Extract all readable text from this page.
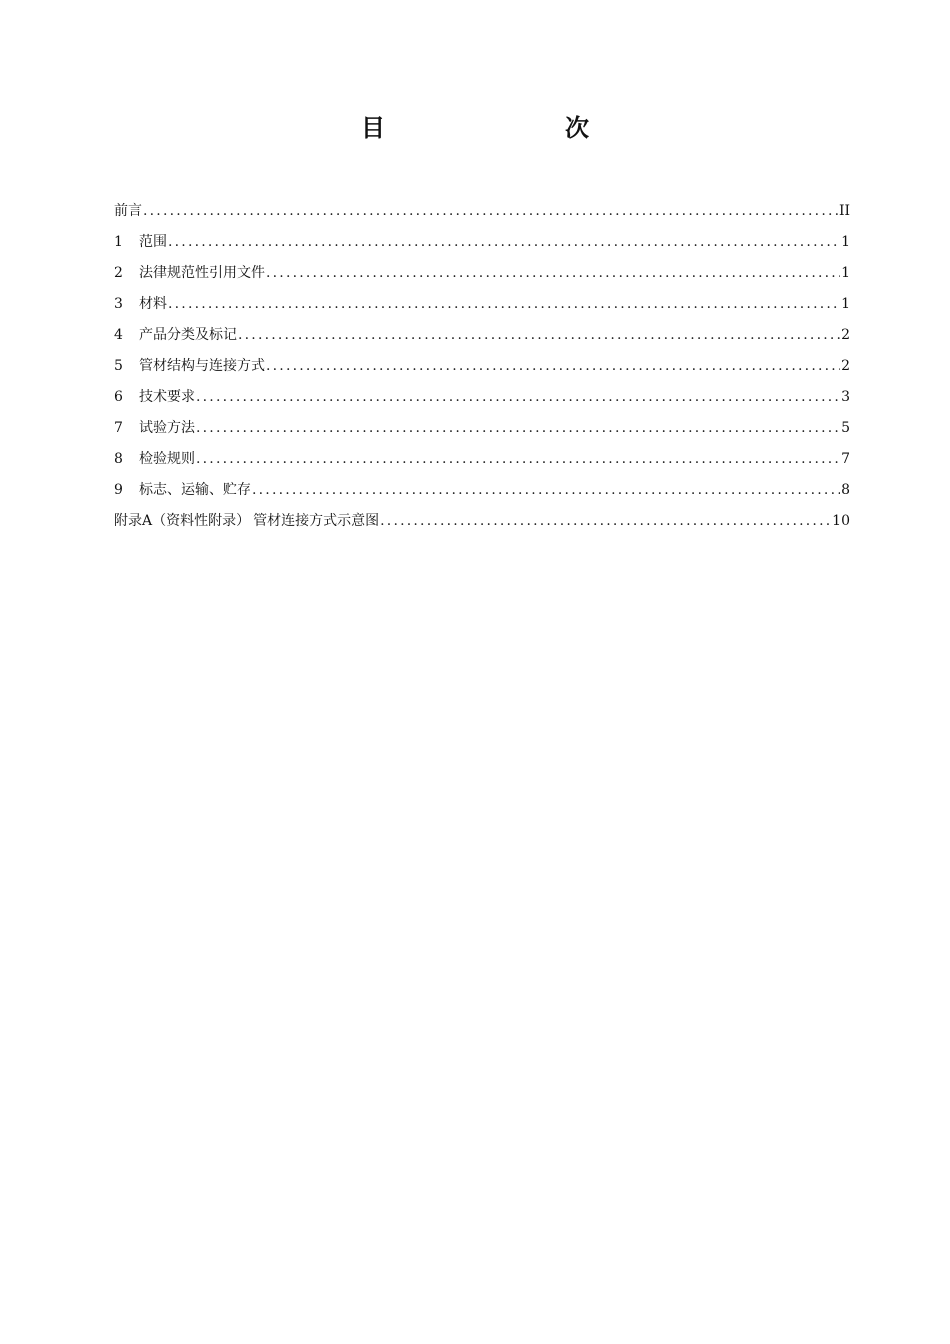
目　　次
前言 .....	II
1	范围 .....	1
2	法律规范性引用文件 .....	1
3	材料 .....	1
4	产品分类及标记 .....	2
5	管材结构与连接方式 .....	2
6	技术要求 .....	3
7	试验方法 .....	5
8	检验规则 .....	7
9	标志、运输、贮存 .....	8
附录A（资料性附录） 管材连接方式示意图 .....	10
